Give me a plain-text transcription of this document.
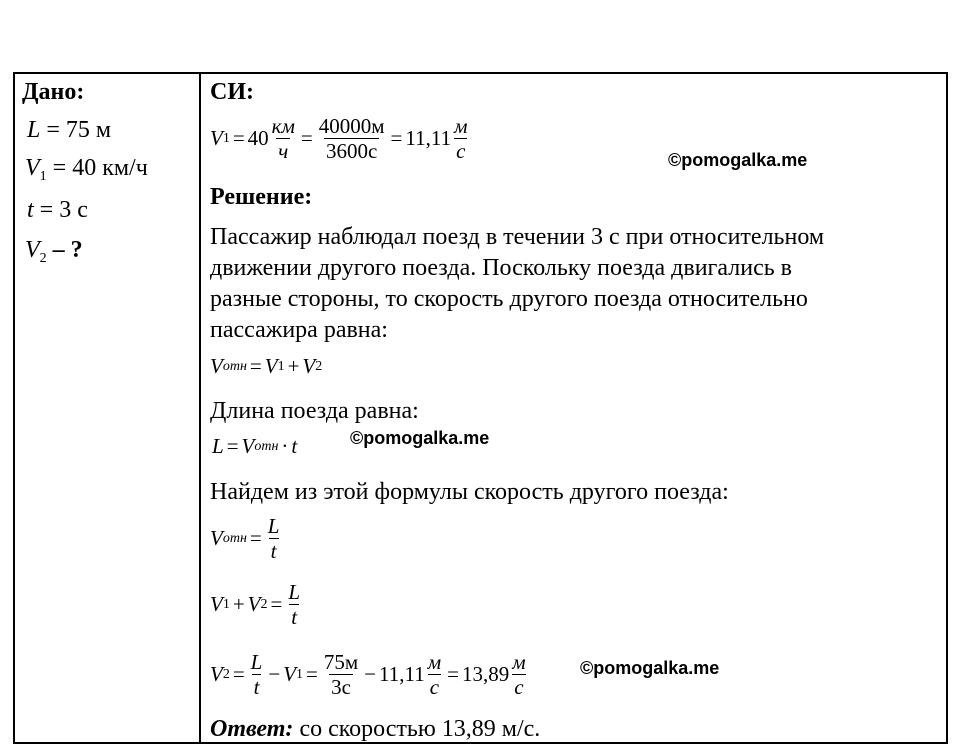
Дано:
L = 75 м
$V_1 = 40$ км/ч
t = 3 с
$V_2$ – ?
СИ:
V $1 = 40 \frac{км}{ч} = \frac{40000м}{3600с} = 11,11 \frac{м}{с}$	©pomogalka.me
Решение:
Пассажир наблюдал поезд в течении 3 с при относительном
движении другого поезда. Поскольку поезда двигались в
разные стороны, то скорость другого поезда относительно
пассажира равна:
V отн = V 1 + V 2
Длина поезда равна:
L = V отн · t	©pomogalka.me
Найдем из этой формулы скорость другого поезда:
V отн = $\frac{L}{t}$
V 1 + V $2 = \frac{L}{t}$
V $2 = \frac{L}{t} - V$ $1 = \frac{75м}{3с} - 11,11 \frac{м}{с} = 13,89 \frac{м}{с}$	©pomogalka.me
Ответ: со скоростью 13,89 м/с.
